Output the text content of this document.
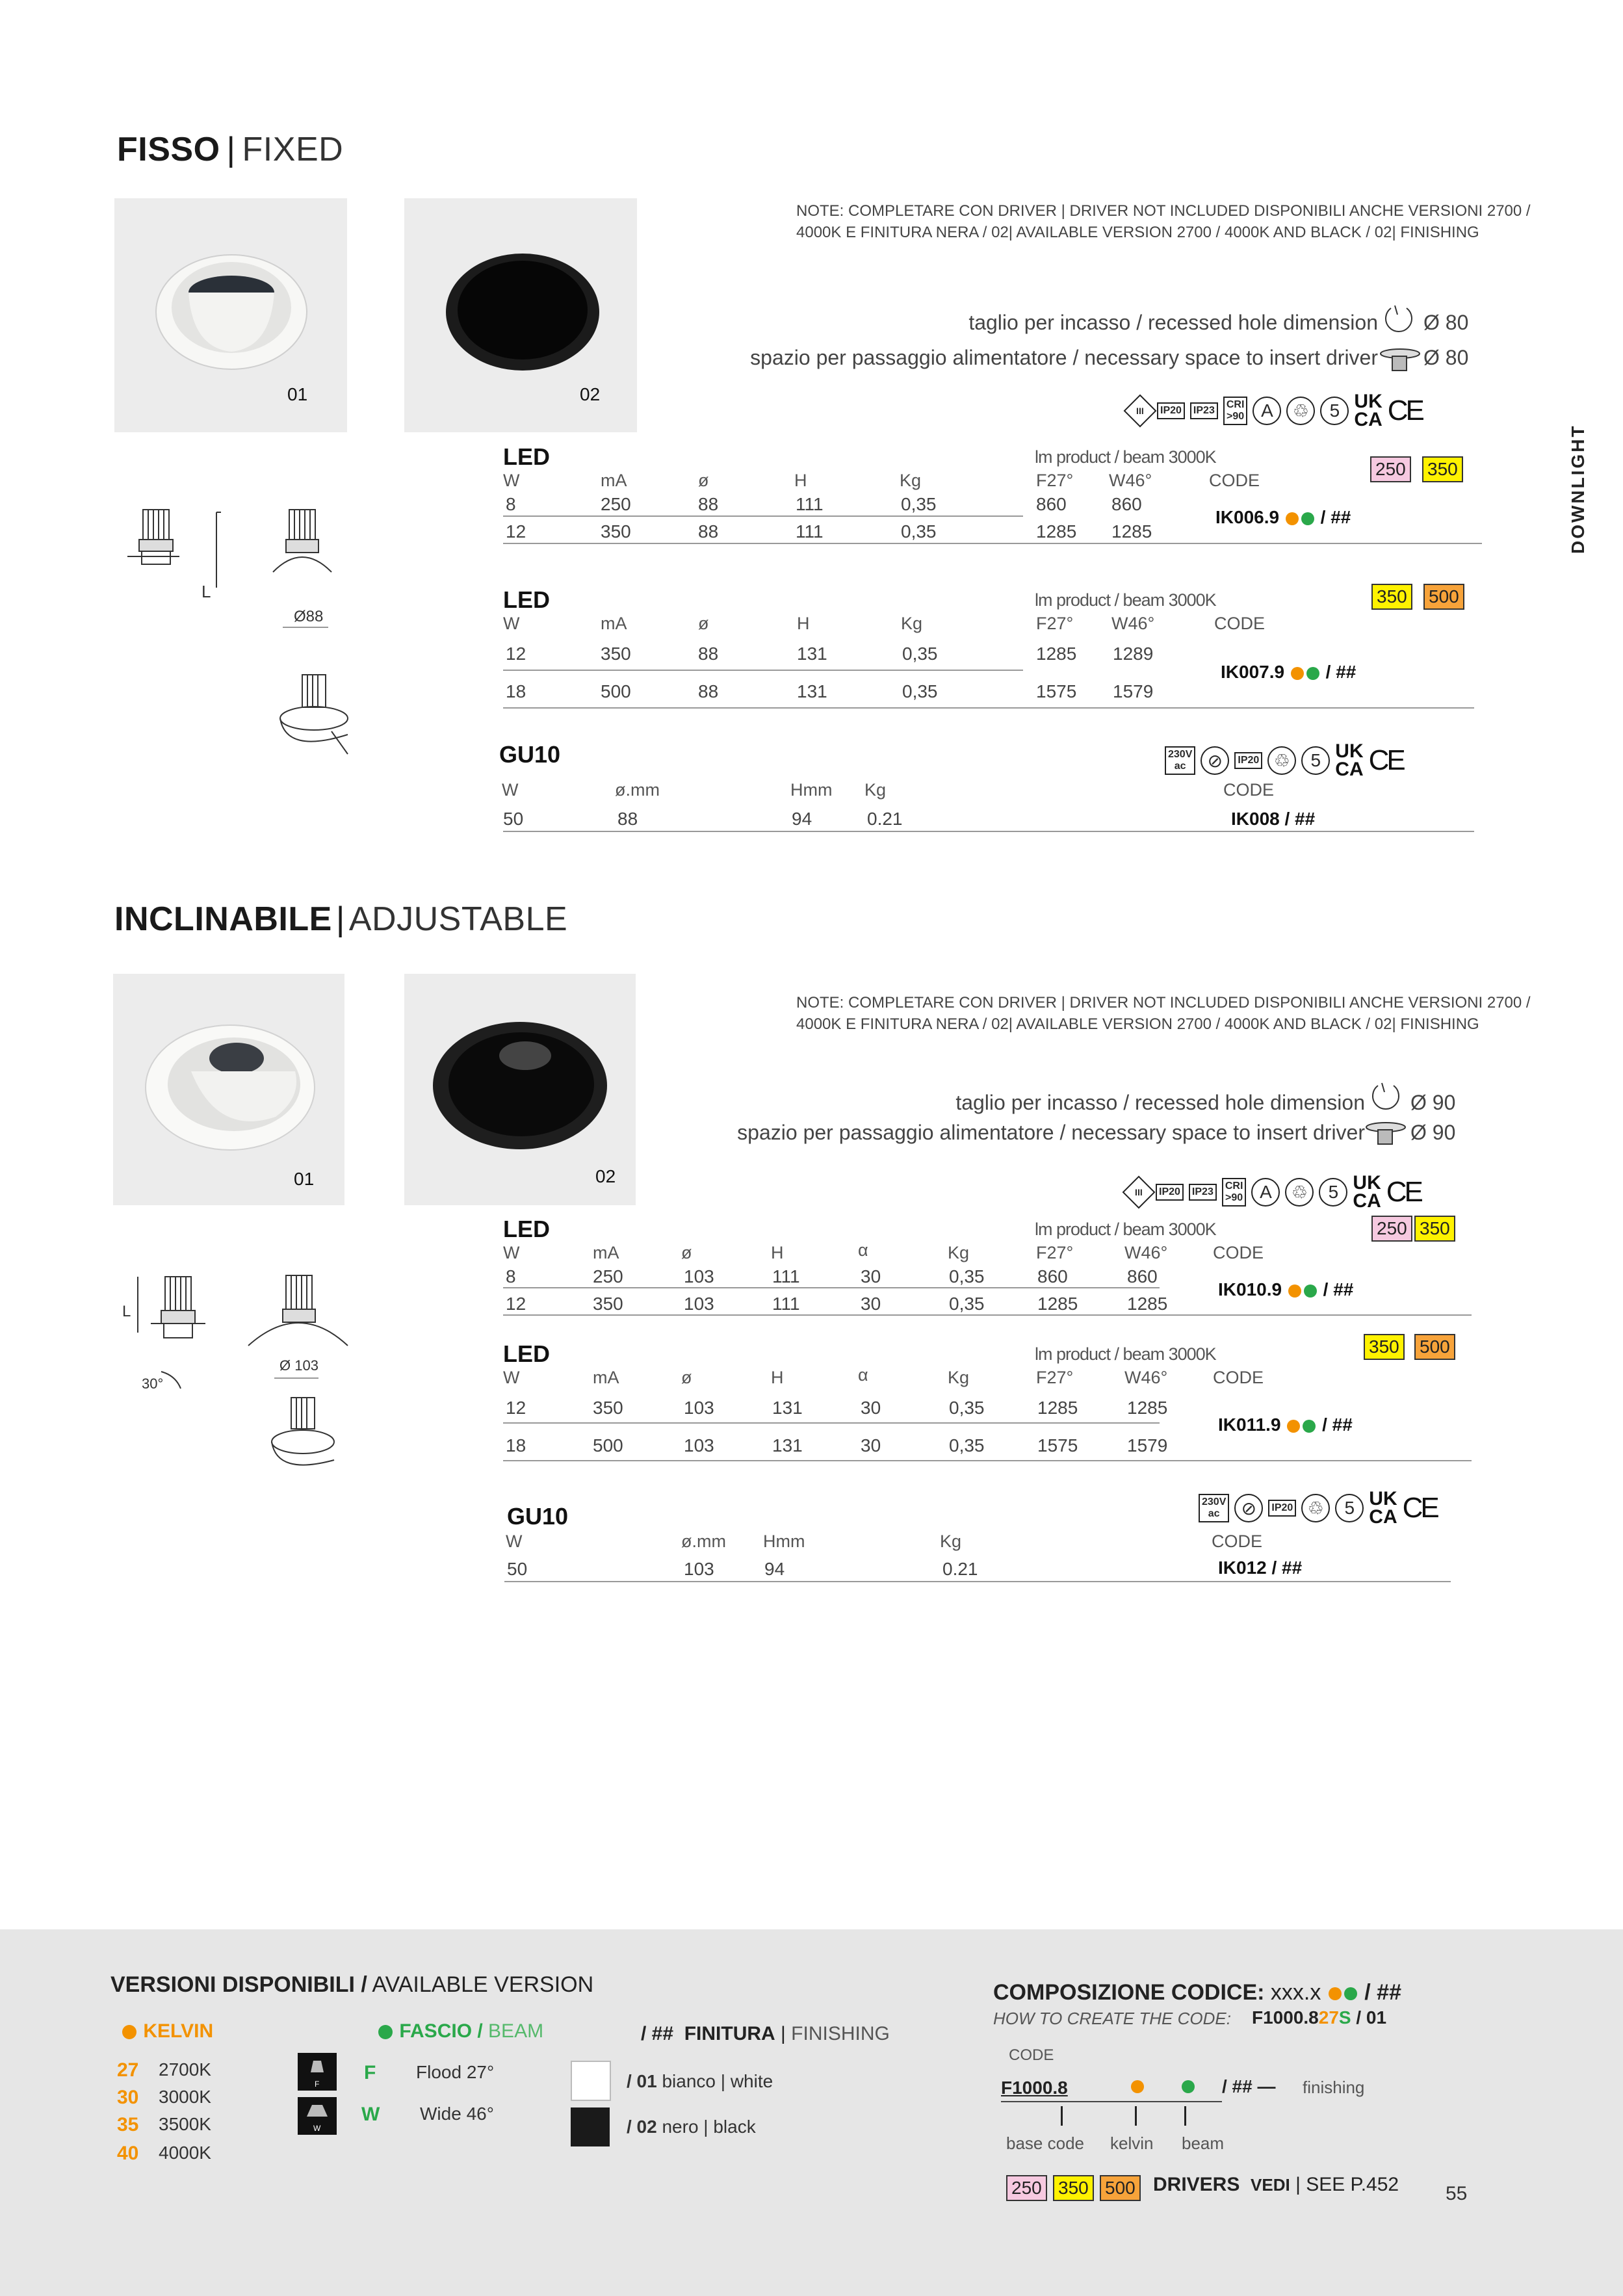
DOWNLIGHT
FISSO | FIXED
01	02
NOTE: COMPLETARE CON DRIVER | DRIVER NOT INCLUDED DISPONIBILI ANCHE VERSIONI 2700 /
4000K E FINITURA NERA / 02| AVAILABLE VERSION 2700 / 4000K AND BLACK / 02| FINISHING
taglio per incasso / recessed hole dimension Ø 80
spazio per passaggio alimentatore / necessary space to insert driver Ø 80
III	IP20	IP23
CRI
>90 A	♲	5 UK
CA CE
L
Ø88
LED	lm product / beam 3000K
250 350
W	mA	ø	H	Kg	F27° W46°	CODE
8	250	88	111	0,35	860 860
12	350	88	111	0,35	1285 1285
IK006.9 / ##
LED	lm product / beam 3000K	350 500
W	mA	ø	H	Kg	F27° W46°	CODE
12	350	88	131	0,35	1285 1289
18	500	88	131	0,35	1575 1579
IK007.9 / ##
GU10	230V
ac	⊘	IP20 ♲	5 UK
CA CE
W	ø.mm	Hmm Kg	CODE
50	88	94	0.21	IK008 / ##
INCLINABILE | ADJUSTABLE
01	02
NOTE: COMPLETARE CON DRIVER | DRIVER NOT INCLUDED DISPONIBILI ANCHE VERSIONI 2700 /
4000K E FINITURA NERA / 02| AVAILABLE VERSION 2700 / 4000K AND BLACK / 02| FINISHING
taglio per incasso / recessed hole dimension Ø 90
spazio per passaggio alimentatore / necessary space to insert driver Ø 90
III	IP20	IP23
CRI
>90 A	♲	5 UK
CA CE
L
Ø 103
30°
LED	lm product / beam 3000K	250 350
W	mA	ø	H	α	Kg	F27°	W46°	CODE
8	250	103	111	30	0,35	860	860
12	350	103	111	30	0,35	1285	1285
IK010.9 / ##
LED	lm product / beam 3000K	350 500
W	mA	ø	H	α	Kg	F27°	W46°	CODE
12	350	103	131	30	0,35	1285	1285
18	500	103	131	30	0,35	1575	1579
IK011.9 / ##
GU10
230V
ac	⊘	IP20 ♲	5 UK
CA CE
W	ø.mm Hmm	Kg	CODE
50	103	94	0.21	IK012 / ##
VERSIONI DISPONIBILI / AVAILABLE VERSION
KELVIN
27 2700K
30 3000K
35 3500K
40 4000K
FASCIO / BEAM
F
W
F Flood 27°
W Wide 46°
/ ## FINITURA | FINISHING
/ 01 bianco | white
/ 02 nero | black
COMPOSIZIONE CODICE: xxx.x / ##
HOW TO CREATE THE CODE: F1000.827S / 01
CODE
F1000.8	/ ## — finishing
base code kelvin beam
250 350 500 DRIVERS VEDI | SEE P.452 55
